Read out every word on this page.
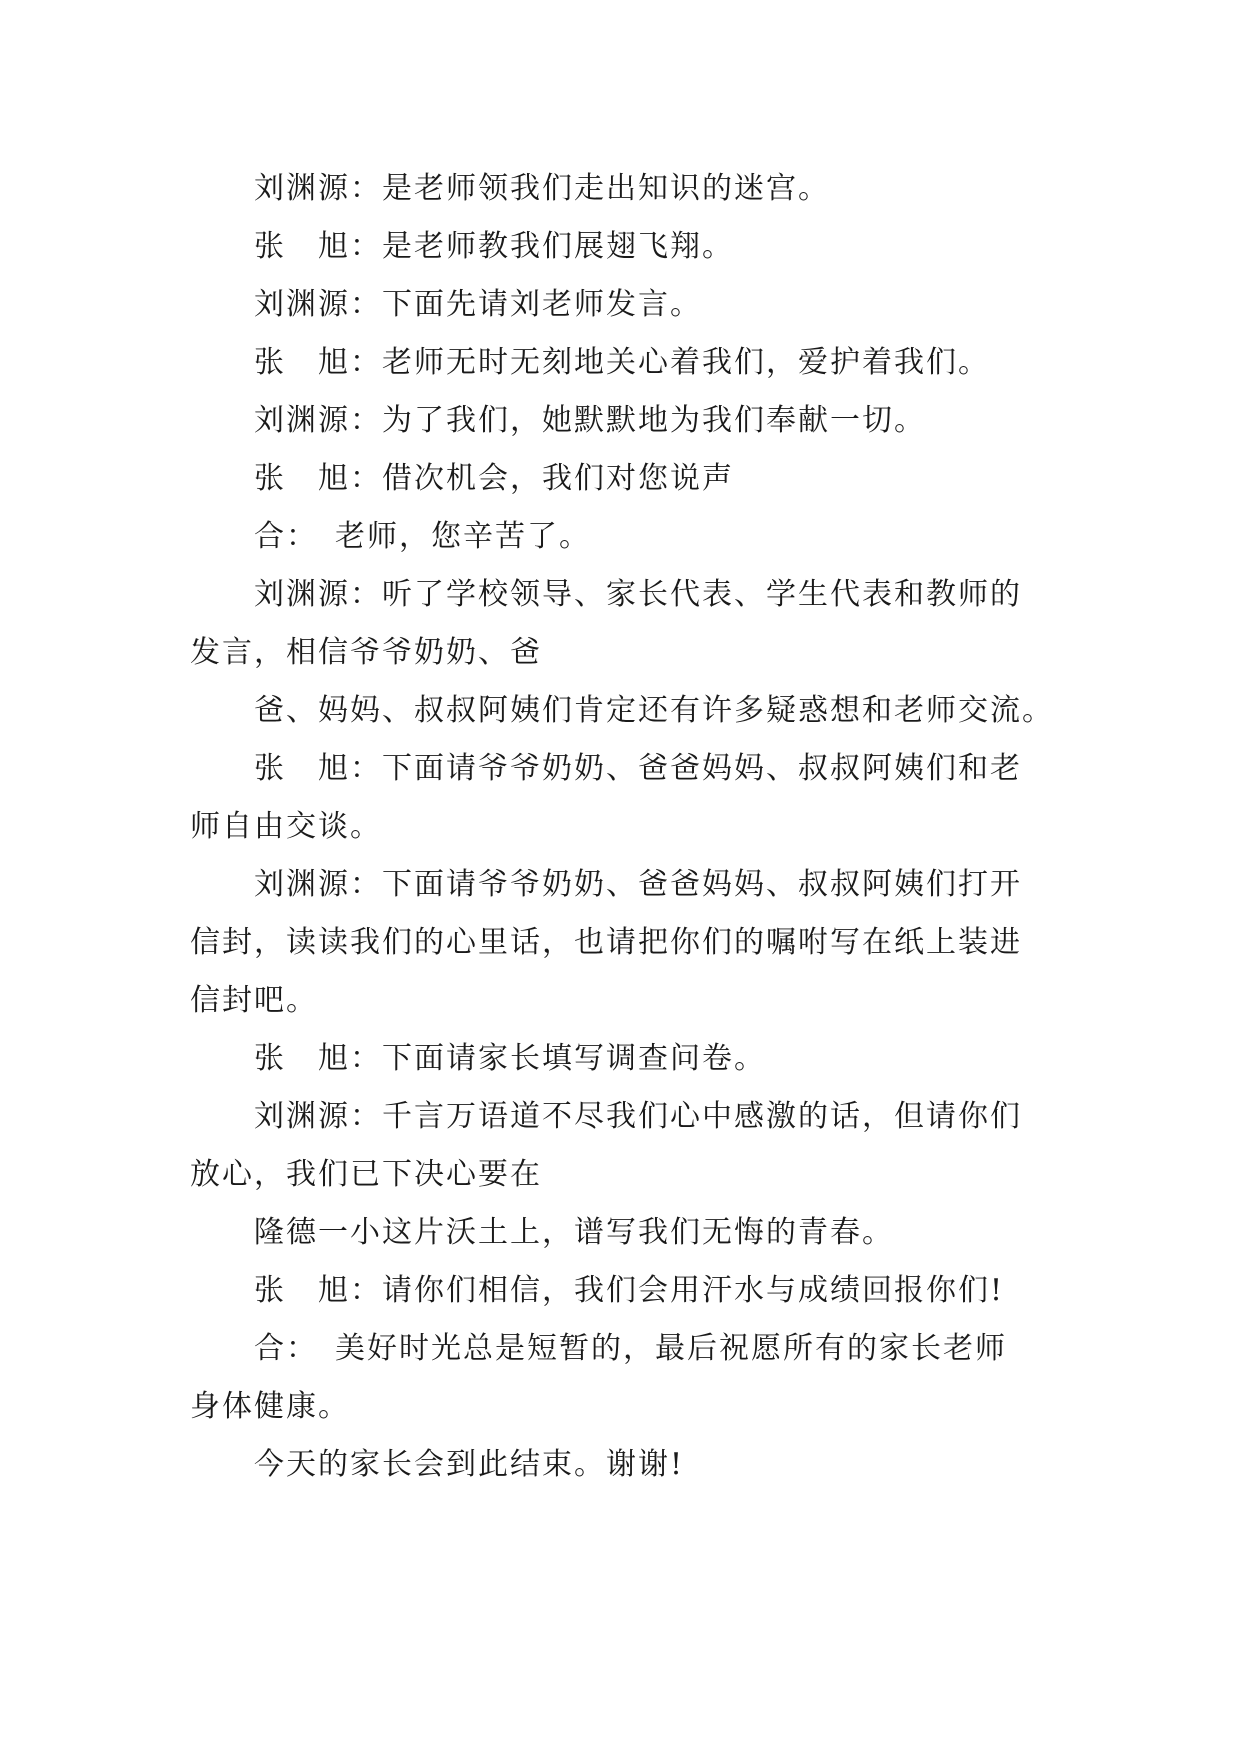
刘渊源：是老师领我们走出知识的迷宫。

张　旭：是老师教我们展翅飞翔。

刘渊源：下面先请刘老师发言。

张　旭：老师无时无刻地关心着我们，爱护着我们。

刘渊源：为了我们，她默默地为我们奉献一切。

张　旭：借次机会，我们对您说声

合：　老师，您辛苦了。

刘渊源：听了学校领导、家长代表、学生代表和教师的
发言，相信爷爷奶奶、爸

爸、妈妈、叔叔阿姨们肯定还有许多疑惑想和老师交流。

张　旭：下面请爷爷奶奶、爸爸妈妈、叔叔阿姨们和老
师自由交谈。

刘渊源：下面请爷爷奶奶、爸爸妈妈、叔叔阿姨们打开
信封，读读我们的心里话，也请把你们的嘱咐写在纸上装进
信封吧。

张　旭：下面请家长填写调查问卷。

刘渊源：千言万语道不尽我们心中感激的话，但请你们
放心，我们已下决心要在

隆德一小这片沃土上，谱写我们无悔的青春。

张　旭：请你们相信，我们会用汗水与成绩回报你们!

合：　美好时光总是短暂的，最后祝愿所有的家长老师
身体健康。

今天的家长会到此结束。谢谢!
